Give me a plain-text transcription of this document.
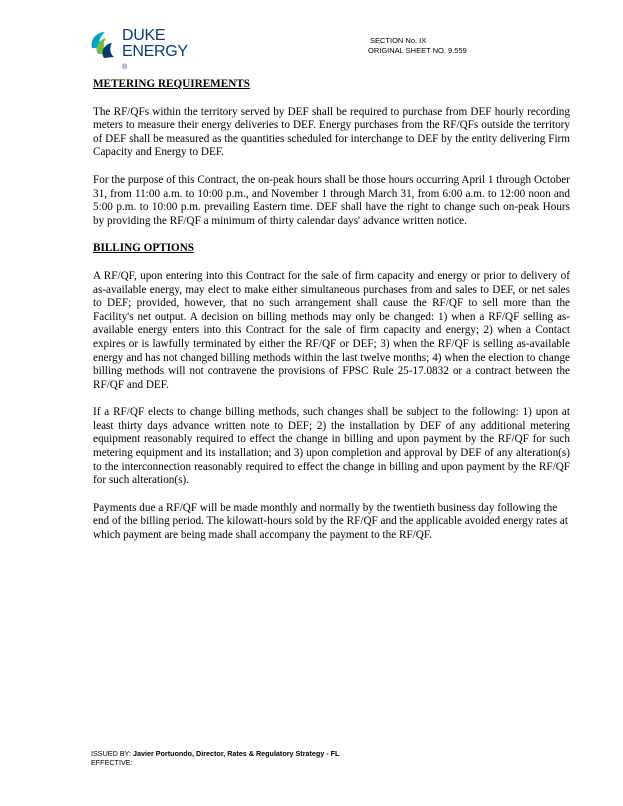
DUKE
ENERGY
®
SECTION No. IX
ORIGINAL SHEET NO. 9.559
METERING REQUIREMENTS

The RF/QFs within the territory served by DEF shall be required to purchase from DEF hourly recording meters to measure their energy deliveries to DEF. Energy purchases from the RF/QFs outside the territory of DEF shall be measured as the quantities scheduled for interchange to DEF by the entity delivering Firm Capacity and Energy to DEF.

For the purpose of this Contract, the on-peak hours shall be those hours occurring April 1 through October 31, from 11:00 a.m. to 10:00 p.m., and November 1 through March 31, from 6:00 a.m. to 12:00 noon and 5:00 p.m. to 10:00 p.m. prevailing Eastern time. DEF shall have the right to change such on-peak Hours by providing the RF/QF a minimum of thirty calendar days' advance written notice.

BILLING OPTIONS

A RF/QF, upon entering into this Contract for the sale of firm capacity and energy or prior to delivery of as-available energy, may elect to make either simultaneous purchases from and sales to DEF, or net sales to DEF; provided, however, that no such arrangement shall cause the RF/QF to sell more than the Facility's net output. A decision on billing methods may only be changed: 1) when a RF/QF selling as-available energy enters into this Contract for the sale of firm capacity and energy; 2) when a Contact expires or is lawfully terminated by either the RF/QF or DEF; 3) when the RF/QF is selling as-available energy and has not changed billing methods within the last twelve months; 4) when the election to change billing methods will not contravene the provisions of FPSC Rule 25-17.0832 or a contract between the RF/QF and DEF.

If a RF/QF elects to change billing methods, such changes shall be subject to the following: 1) upon at least thirty days advance written note to DEF; 2) the installation by DEF of any additional metering equipment reasonably required to effect the change in billing and upon payment by the RF/QF for such metering equipment and its installation; and 3) upon completion and approval by DEF of any alteration(s) to the interconnection reasonably required to effect the change in billing and upon payment by the RF/QF for such alteration(s).

Payments due a RF/QF will be made monthly and normally by the twentieth business day following the end of the billing period. The kilowatt-hours sold by the RF/QF and the applicable avoided energy rates at which payment are being made shall accompany the payment to the RF/QF.

ISSUED BY: Javier Portuondo, Director, Rates & Regulatory Strategy - FL
EFFECTIVE:
